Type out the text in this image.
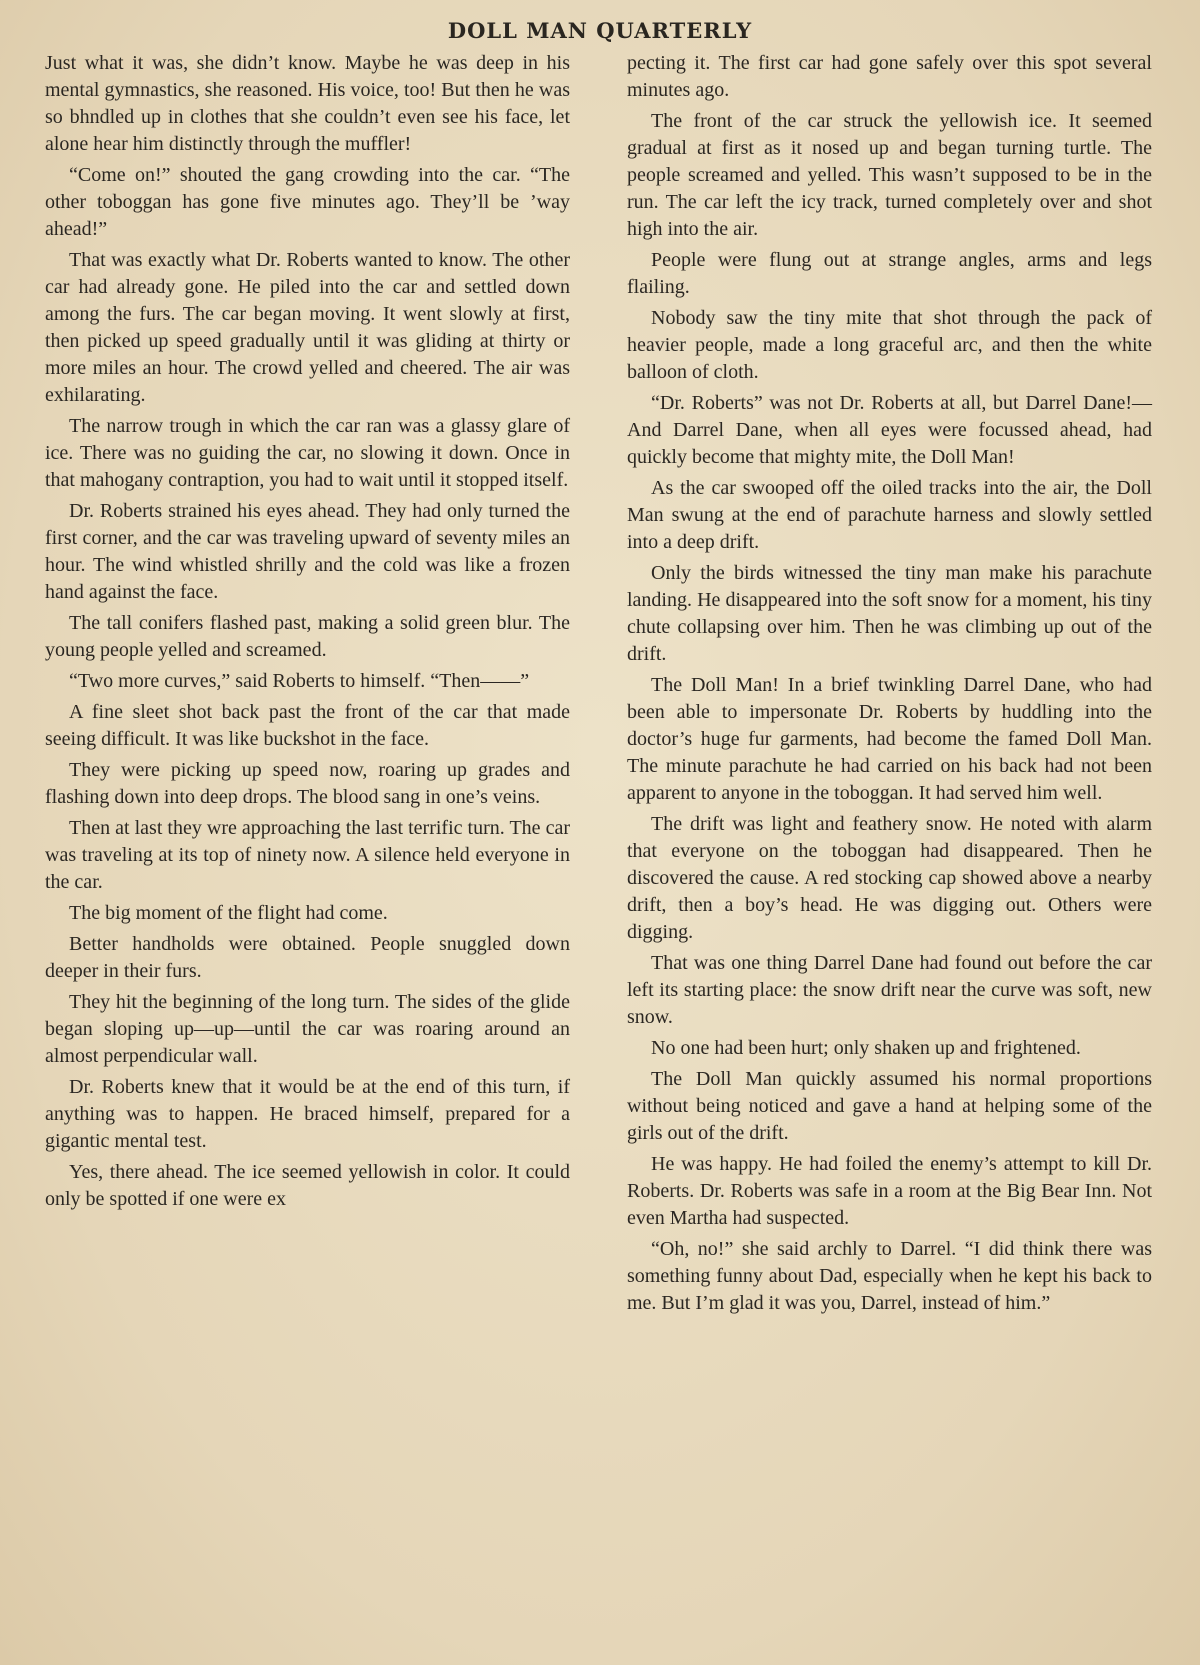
DOLL MAN QUARTERLY

Just what it was, she didn’t know. Maybe he was deep in his mental gymnastics, she reasoned. His voice, too! But then he was so bhndled up in clothes that she couldn’t even see his face, let alone hear him distinctly through the muffler!

“Come on!” shouted the gang crowding into the car. “The other toboggan has gone five minutes ago. They’ll be ’way ahead!”

That was exactly what Dr. Roberts wanted to know. The other car had already gone. He piled into the car and settled down among the furs. The car began moving. It went slowly at first, then picked up speed gradually until it was gliding at thirty or more miles an hour. The crowd yelled and cheered. The air was exhilarating.

The narrow trough in which the car ran was a glassy glare of ice. There was no guiding the car, no slowing it down. Once in that mahogany contraption, you had to wait until it stopped itself.

Dr. Roberts strained his eyes ahead. They had only turned the first corner, and the car was traveling upward of seventy miles an hour. The wind whistled shrilly and the cold was like a frozen hand against the face.

The tall conifers flashed past, making a solid green blur. The young people yelled and screamed.

“Two more curves,” said Roberts to himself. “Then——”

A fine sleet shot back past the front of the car that made seeing difficult. It was like buckshot in the face.

They were picking up speed now, roaring up grades and flashing down into deep drops. The blood sang in one’s veins.

Then at last they wre approaching the last terrific turn. The car was traveling at its top of ninety now. A silence held everyone in the car.

The big moment of the flight had come.

Better handholds were obtained. People snuggled down deeper in their furs.

They hit the beginning of the long turn. The sides of the glide began sloping up—up—until the car was roaring around an almost perpendicular wall.

Dr. Roberts knew that it would be at the end of this turn, if anything was to happen. He braced himself, prepared for a gigantic mental test.

Yes, there ahead. The ice seemed yellowish in color. It could only be spotted if one were ex

pecting it. The first car had gone safely over this spot several minutes ago.

The front of the car struck the yellowish ice. It seemed gradual at first as it nosed up and began turning turtle. The people screamed and yelled. This wasn’t supposed to be in the run. The car left the icy track, turned completely over and shot high into the air.

People were flung out at strange angles, arms and legs flailing.

Nobody saw the tiny mite that shot through the pack of heavier people, made a long graceful arc, and then the white balloon of cloth.

“Dr. Roberts” was not Dr. Roberts at all, but Darrel Dane!—And Darrel Dane, when all eyes were focussed ahead, had quickly become that mighty mite, the Doll Man!

As the car swooped off the oiled tracks into the air, the Doll Man swung at the end of parachute harness and slowly settled into a deep drift.

Only the birds witnessed the tiny man make his parachute landing. He disappeared into the soft snow for a moment, his tiny chute collapsing over him. Then he was climbing up out of the drift.

The Doll Man! In a brief twinkling Darrel Dane, who had been able to impersonate Dr. Roberts by huddling into the doctor’s huge fur garments, had become the famed Doll Man. The minute parachute he had carried on his back had not been apparent to anyone in the toboggan. It had served him well.

The drift was light and feathery snow. He noted with alarm that everyone on the toboggan had disappeared. Then he discovered the cause. A red stocking cap showed above a nearby drift, then a boy’s head. He was digging out. Others were digging.

That was one thing Darrel Dane had found out before the car left its starting place: the snow drift near the curve was soft, new snow.

No one had been hurt; only shaken up and frightened.

The Doll Man quickly assumed his normal proportions without being noticed and gave a hand at helping some of the girls out of the drift.

He was happy. He had foiled the enemy’s attempt to kill Dr. Roberts. Dr. Roberts was safe in a room at the Big Bear Inn. Not even Martha had suspected.

“Oh, no!” she said archly to Darrel. “I did think there was something funny about Dad, especially when he kept his back to me. But I’m glad it was you, Darrel, instead of him.”
